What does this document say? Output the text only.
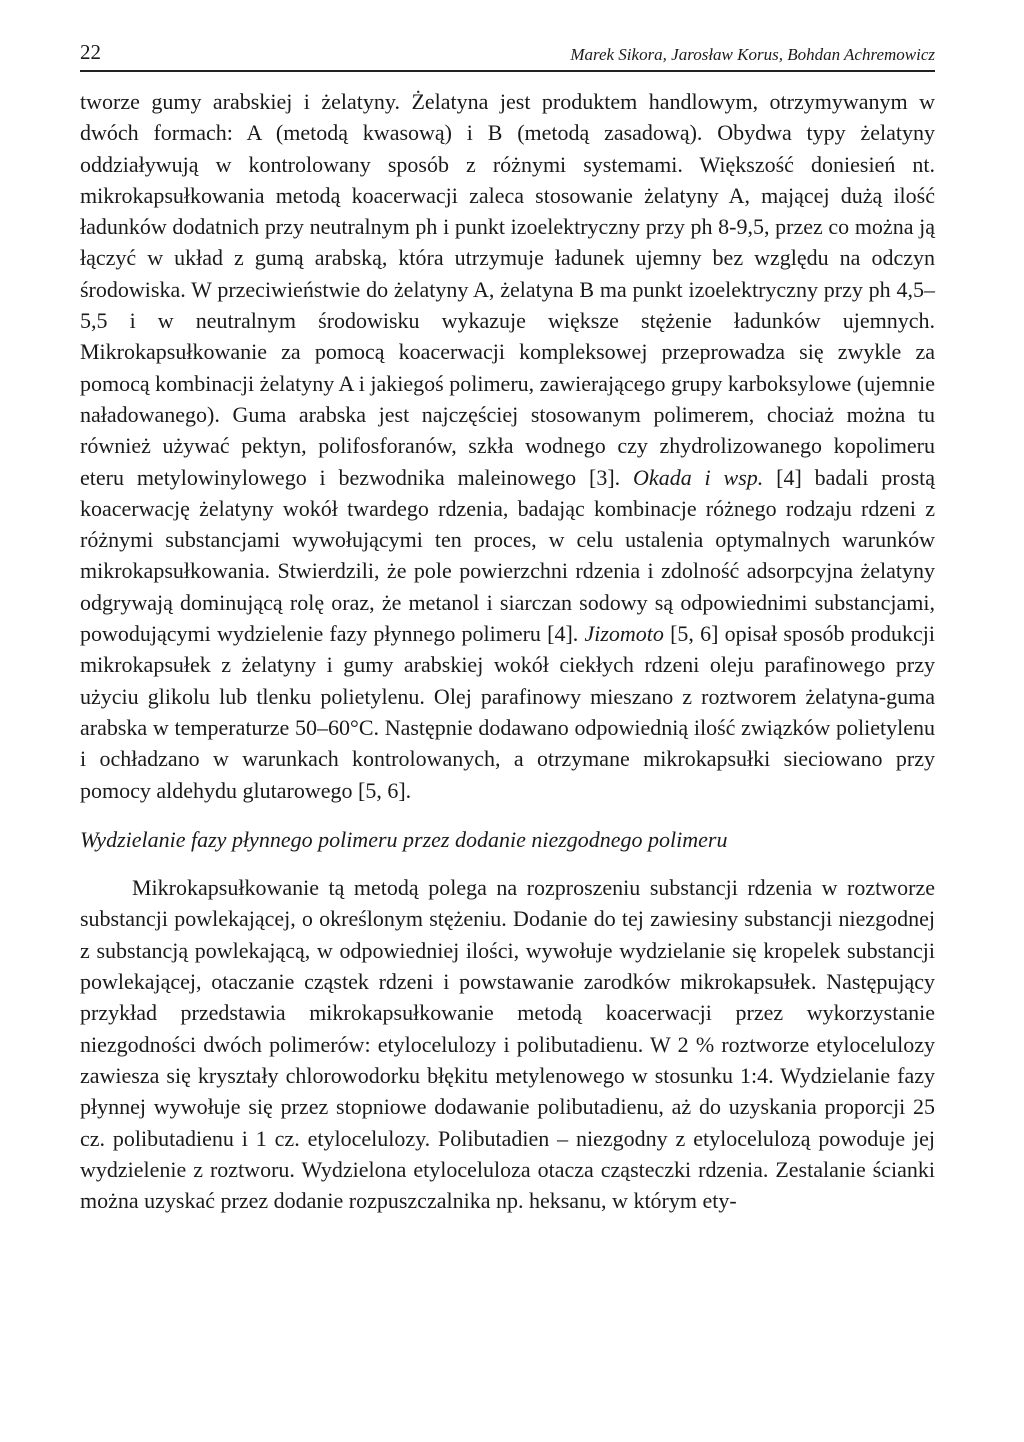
22	Marek Sikora, Jarosław Korus, Bohdan Achremowicz

tworze gumy arabskiej i żelatyny. Żelatyna jest produktem handlowym, otrzymywanym w dwóch formach: A (metodą kwasową) i B (metodą zasadową). Obydwa typy żelatyny oddziaływują w kontrolowany sposób z różnymi systemami. Większość doniesień nt. mikrokapsułkowania metodą koacerwacji zaleca stosowanie żelatyny A, mającej dużą ilość ładunków dodatnich przy neutralnym ph i punkt izoelektryczny przy ph 8-9,5, przez co można ją łączyć w układ z gumą arabską, która utrzymuje ładunek ujemny bez względu na odczyn środowiska. W przeciwieństwie do żelatyny A, żelatyna B ma punkt izoelektryczny przy ph 4,5–5,5 i w neutralnym środowisku wykazuje większe stężenie ładunków ujemnych. Mikrokapsułkowanie za pomocą koacerwacji kompleksowej przeprowadza się zwykle za pomocą kombinacji żelatyny A i jakiegoś polimeru, zawierającego grupy karboksylowe (ujemnie naładowanego). Guma arabska jest najczęściej stosowanym polimerem, chociaż można tu również używać pektyn, polifosforanów, szkła wodnego czy zhydrolizowanego kopolimeru eteru metylowinylowego i bezwodnika maleinowego [3]. Okada i wsp. [4] badali prostą koacerwację żelatyny wokół twardego rdzenia, badając kombinacje różnego rodzaju rdzeni z różnymi substancjami wywołującymi ten proces, w celu ustalenia optymalnych warunków mikrokapsułkowania. Stwierdzili, że pole powierzchni rdzenia i zdolność adsorpcyjna żelatyny odgrywają dominującą rolę oraz, że metanol i siarczan sodowy są odpowiednimi substancjami, powodującymi wydzielenie fazy płynnego polimeru [4]. Jizomoto [5, 6] opisał sposób produkcji mikrokapsułek z żelatyny i gumy arabskiej wokół ciekłych rdzeni oleju parafinowego przy użyciu glikolu lub tlenku polietylenu. Olej parafinowy mieszano z roztworem żelatyna-guma arabska w temperaturze 50–60°C. Następnie dodawano odpowiednią ilość związków polietylenu i ochładzano w warunkach kontrolowanych, a otrzymane mikrokapsułki sieciowano przy pomocy aldehydu glutarowego [5, 6].

Wydzielanie fazy płynnego polimeru przez dodanie niezgodnego polimeru

Mikrokapsułkowanie tą metodą polega na rozproszeniu substancji rdzenia w roztworze substancji powlekającej, o określonym stężeniu. Dodanie do tej zawiesiny substancji niezgodnej z substancją powlekającą, w odpowiedniej ilości, wywołuje wydzielanie się kropelek substancji powlekającej, otaczanie cząstek rdzeni i powstawanie zarodków mikrokapsułek. Następujący przykład przedstawia mikrokapsułkowanie metodą koacerwacji przez wykorzystanie niezgodności dwóch polimerów: etylocelulozy i polibutadienu. W 2 % roztworze etylocelulozy zawiesza się kryształy chlorowodorku błękitu metylenowego w stosunku 1:4. Wydzielanie fazy płynnej wywołuje się przez stopniowe dodawanie polibutadienu, aż do uzyskania proporcji 25 cz. polibutadienu i 1 cz. etylocelulozy. Polibutadien – niezgodny z etylocelulozą powoduje jej wydzielenie z roztworu. Wydzielona etyloceluloza otacza cząsteczki rdzenia. Zestalanie ścianki można uzyskać przez dodanie rozpuszczalnika np. heksanu, w którym ety-
